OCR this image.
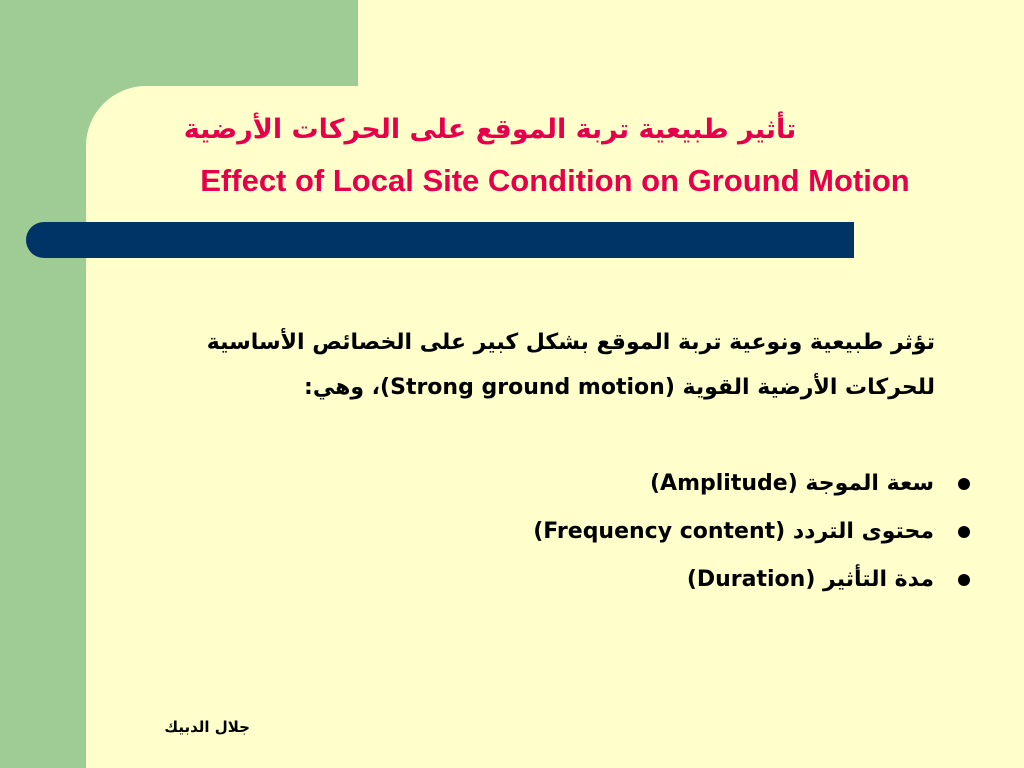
تأثير طبيعية تربة الموقع على الحركات الأرضية
Effect of Local Site Condition on Ground Motion
تؤثر طبيعية ونوعية تربة الموقع بشكل كبير على الخصائص الأساسية
للحركات الأرضية القوية (Strong ground motion)، وهي:
سعة الموجة (Amplitude)
محتوى التردد (Frequency content)
مدة التأثير (Duration)
جلال الدبيك
